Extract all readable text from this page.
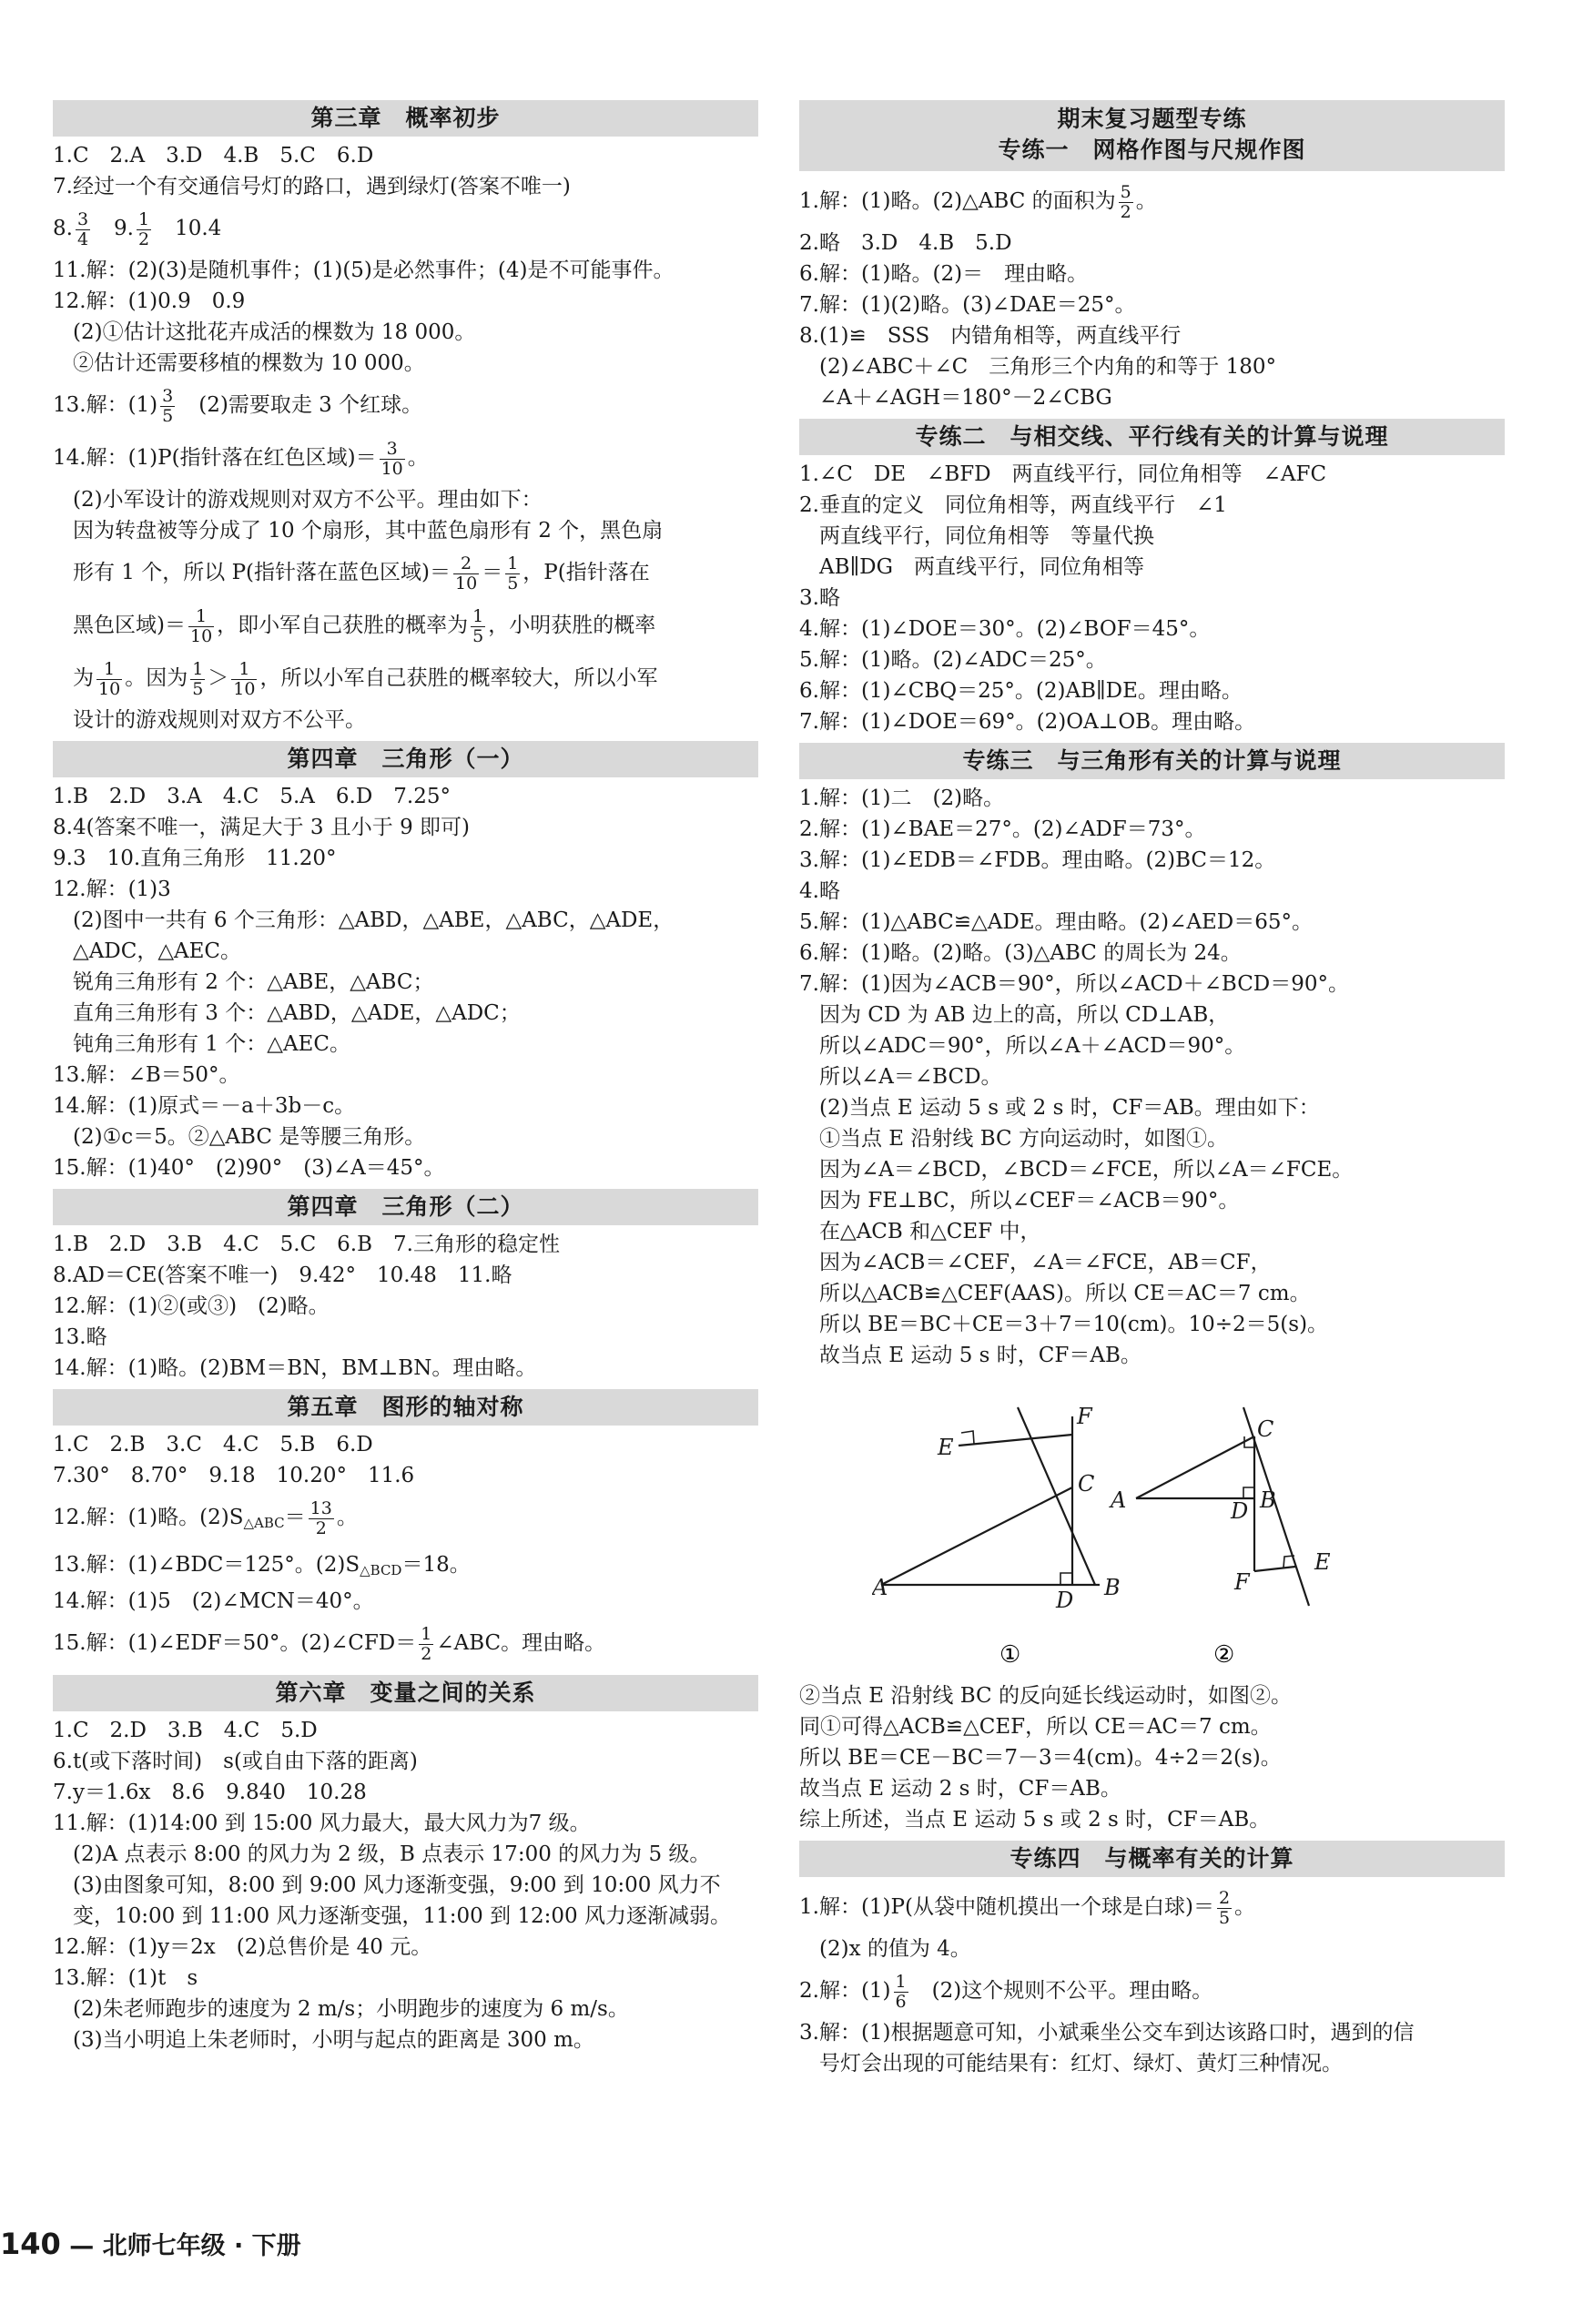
第三章　概率初步
1.C　2.A　3.D　4.B　5.C　6.D
7.经过一个有交通信号灯的路口，遇到绿灯(答案不唯一)
8. $\frac{3}{4}$ 　9. $\frac{1}{2}$ 　10.4
11.解：(2)(3)是随机事件；(1)(5)是必然事件；(4)是不可能事件。
12.解：(1)0.9　0.9
(2)①估计这批花卉成活的棵数为 18 000。
②估计还需要移植的棵数为 10 000。
13.解：$(1) \frac{3}{5}$ 　(2)需要取走 3 个红球。
14.解：(1)P(指针落在红色区域)＝ $\frac{3}{10}$ 。
(2)小军设计的游戏规则对双方不公平。理由如下：
因为转盘被等分成了 10 个扇形，其中蓝色扇形有 2 个，黑色扇
形有 1 个，所以 P(指针落在蓝色区域)＝ $\frac{2}{10} = \frac{1}{5}$ ，P(指针落在
黑色区域)＝ $\frac{1}{10}$ ，即小军自己获胜的概率为 $\frac{1}{5}$ ，小明获胜的概率
为 $\frac{1}{10}$ 。因为 $\frac{1}{5} > \frac{1}{10}$ ，所以小军自己获胜的概率较大，所以小军
设计的游戏规则对双方不公平。
第四章　三角形（一）
1.B　2.D　3.A　4.C　5.A　6.D　7.25°
8.4(答案不唯一，满足大于 3 且小于 9 即可)
9.3　10.直角三角形　11.20°
12.解：(1)3
(2)图中一共有 6 个三角形：△ABD，△ABE，△ABC，△ADE，
△ADC，△AEC。
锐角三角形有 2 个：△ABE，△ABC；
直角三角形有 3 个：△ABD，△ADE，△ADC；
钝角三角形有 1 个：△AEC。
13.解：∠B＝50°。
14.解：(1)原式＝－a＋3b－c。
(2)①c＝5。②△ABC 是等腰三角形。
15.解：(1)40°　(2)90°　(3)∠A＝45°。
第四章　三角形（二）
1.B　2.D　3.B　4.C　5.C　6.B　7.三角形的稳定性
8.AD＝CE(答案不唯一)　9.42°　10.48　11.略
12.解：(1)②(或③)　(2)略。
13.略
14.解：(1)略。(2)BM＝BN，BM⊥BN。理由略。
第五章　图形的轴对称
1.C　2.B　3.C　4.C　5.B　6.D
7.30°　8.70°　9.18　10.20°　11.6
12.解：(1)略。$(2)S_{\triangle ABC}= \frac{13}{2}$ 。
13.解：(1)∠BDC＝125°。$(2)S_{\triangle BCD}=18$。
14.解：(1)5　(2)∠MCN＝40°。
15.解：(1)∠EDF＝50°。(2)∠CFD＝ $\frac{1}{2}$ ∠ABC。理由略。
第六章　变量之间的关系
1.C　2.D　3.B　4.C　5.D
6.t(或下落时间)　s(或自由下落的距离)
7.y＝1.6x　8.6　9.840　10.28
11.解：(1)14:00 到 15:00 风力最大，最大风力为7 级。
(2)A 点表示 8:00 的风力为 2 级，B 点表示 17:00 的风力为 5 级。
(3)由图象可知，8:00 到 9:00 风力逐渐变强，9:00 到 10:00 风力不
变，10:00 到 11:00 风力逐渐变强，11:00 到 12:00 风力逐渐减弱。
12.解：(1)y＝2x　(2)总售价是 40 元。
13.解：(1)t　s
(2)朱老师跑步的速度为 2 m/s；小明跑步的速度为 6 m/s。
(3)当小明追上朱老师时，小明与起点的距离是 300 m。
期末复习题型专练
专练一　网格作图与尺规作图
1.解：(1)略。(2)△ABC 的面积为 $\frac{5}{2}$ 。
2.略　3.D　4.B　5.D
6.解：(1)略。(2)＝　理由略。
7.解：(1)(2)略。(3)∠DAE＝25°。
8.(1)≌　SSS　内错角相等，两直线平行
(2)∠ABC＋∠C　三角形三个内角的和等于 180°
∠A＋∠AGH＝180°－2∠CBG
专练二　与相交线、平行线有关的计算与说理
1.∠C　DE　∠BFD　两直线平行，同位角相等　∠AFC
2.垂直的定义　同位角相等，两直线平行　∠1
两直线平行，同位角相等　等量代换
AB∥DG　两直线平行，同位角相等
3.略
4.解：(1)∠DOE＝30°。(2)∠BOF＝45°。
5.解：(1)略。(2)∠ADC＝25°。
6.解：(1)∠CBQ＝25°。(2)AB∥DE。理由略。
7.解：(1)∠DOE＝69°。(2)OA⊥OB。理由略。
专练三　与三角形有关的计算与说理
1.解：(1)二　(2)略。
2.解：(1)∠BAE＝27°。(2)∠ADF＝73°。
3.解：(1)∠EDB＝∠FDB。理由略。(2)BC＝12。
4.略
5.解：(1)△ABC≌△ADE。理由略。(2)∠AED＝65°。
6.解：(1)略。(2)略。(3)△ABC 的周长为 24。
7.解：(1)因为∠ACB＝90°，所以∠ACD＋∠BCD＝90°。
因为 CD 为 AB 边上的高，所以 CD⊥AB，
所以∠ADC＝90°，所以∠A＋∠ACD＝90°。
所以∠A＝∠BCD。
(2)当点 E 运动 5 s 或 2 s 时，CF＝AB。理由如下：
①当点 E 沿射线 BC 方向运动时，如图①。
因为∠A＝∠BCD，∠BCD＝∠FCE，所以∠A＝∠FCE。
因为 FE⊥BC，所以∠CEF＝∠ACB＝90°。
在△ACB 和△CEF 中，
因为∠ACB＝∠CEF，∠A＝∠FCE，AB＝CF，
所以△ACB≌△CEF(AAS)。所以 CE＝AC＝7 cm。
所以 BE＝BC＋CE＝3＋7＝10(cm)。10÷2＝5(s)。
故当点 E 运动 5 s 时，CF＝AB。
F
E
C
A	D B
①
C
A	D B
F
E
②
②当点 E 沿射线 BC 的反向延长线运动时，如图②。
同①可得△ACB≌△CEF，所以 CE＝AC＝7 cm。
所以 BE＝CE－BC＝7－3＝4(cm)。4÷2＝2(s)。
故当点 E 运动 2 s 时，CF＝AB。
综上所述，当点 E 运动 5 s 或 2 s 时，CF＝AB。
专练四　与概率有关的计算
1.解：(1)P(从袋中随机摸出一个球是白球)＝ $\frac{2}{5}$ 。
(2)x 的值为 4。
2.解：$(1) \frac{1}{6}$ 　(2)这个规则不公平。理由略。
3.解：(1)根据题意可知，小斌乘坐公交车到达该路口时，遇到的信
号灯会出现的可能结果有：红灯、绿灯、黄灯三种情况。
140 — 北师七年级 · 下册
